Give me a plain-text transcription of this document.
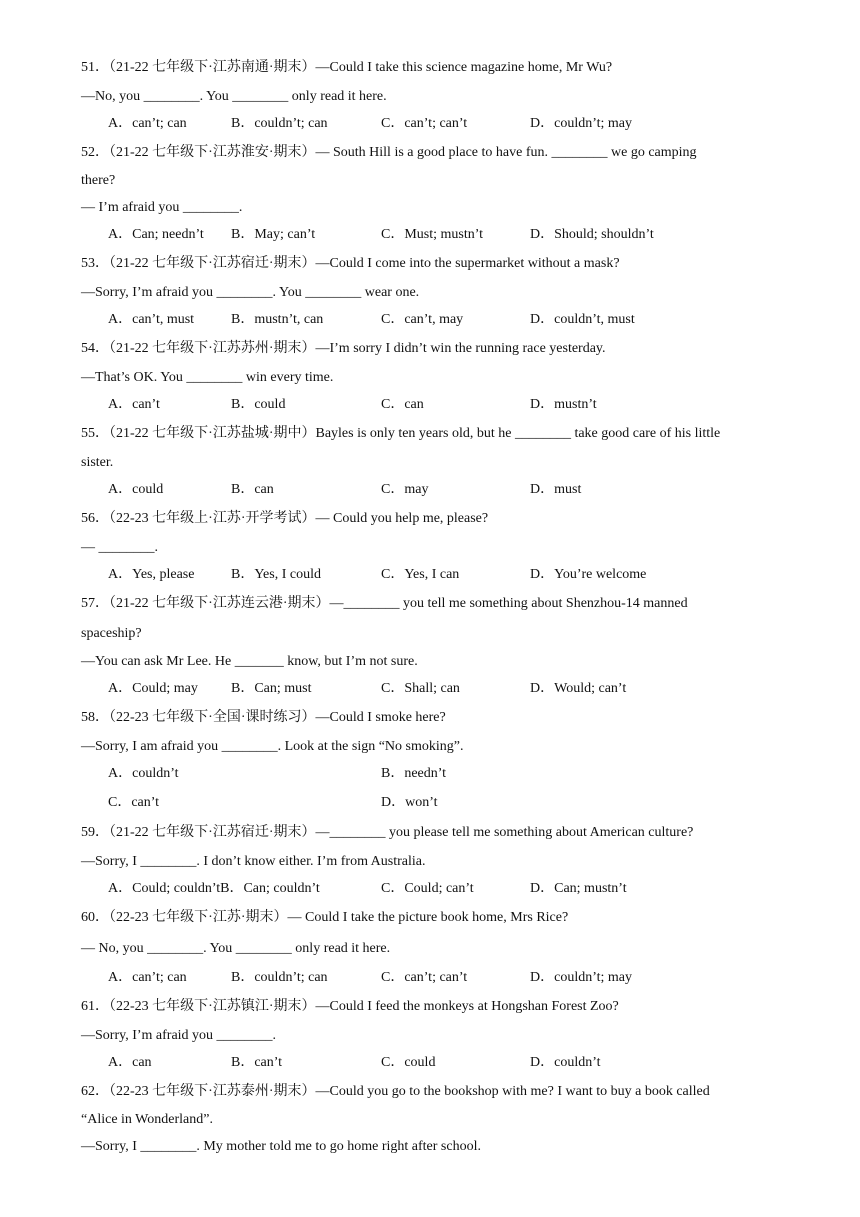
51．（21-22 七年级下·江苏南通·期末）—Could I take this science magazine home, Mr Wu?
—No, you ________. You ________ only read it here.
A．can’t; can	B．couldn’t; can	C．can’t; can’t	D．couldn’t; may
52．（21-22 七年级下·江苏淮安·期末）— South Hill is a good place to have fun. ________ we go camping
there?
— I’m afraid you ________.
A．Can; needn’t B．May; can’t	C．Must; mustn’t	D．Should; shouldn’t
53．（21-22 七年级下·江苏宿迁·期末）—Could I come into the supermarket without a mask?
—Sorry, I’m afraid you ________. You ________ wear one.
A．can’t, must	B．mustn’t, can	C．can’t, may	D．couldn’t, must
54．（21-22 七年级下·江苏苏州·期末）—I’m sorry I didn’t win the running race yesterday.
—That’s OK. You ________ win every time.
A．can’t	B．could	C．can	D．mustn’t
55．（21-22 七年级下·江苏盐城·期中）Bayles is only ten years old, but he ________ take good care of his little
sister.
A．could	B．can	C．may	D．must
56．（22-23 七年级上·江苏·开学考试）— Could you help me, please?
— ________.
A．Yes, please	B．Yes, I could	C．Yes, I can	D．You’re welcome
57．（21-22 七年级下·江苏连云港·期末）—________ you tell me something about Shenzhou-14 manned
spaceship?
—You can ask Mr Lee. He _______ know, but I’m not sure.
A．Could; may B．Can; must	C．Shall; can	D．Would; can’t
58．（22-23 七年级下·全国·课时练习）—Could I smoke here?
—Sorry, I am afraid you ________. Look at the sign “No smoking”.
A．couldn’t	B．needn’t
C．can’t	D．won’t
59．（21-22 七年级下·江苏宿迁·期末）—________ you please tell me something about American culture?
—Sorry, I ________. I don’t know either. I’m from Australia.
A．Could; couldn’tB．Can; couldn’t	C．Could; can’t	D．Can; mustn’t
60．（22-23 七年级下·江苏·期末）— Could I take the picture book home, Mrs Rice?
— No, you ________. You ________ only read it here.
A．can’t; can	B．couldn’t; can	C．can’t; can’t	D．couldn’t; may
61．（22-23 七年级下·江苏镇江·期末）—Could I feed the monkeys at Hongshan Forest Zoo?
—Sorry, I’m afraid you ________.
A．can	B．can’t	C．could	D．couldn’t
62．（22-23 七年级下·江苏泰州·期末）—Could you go to the bookshop with me? I want to buy a book called
“Alice in Wonderland”.
—Sorry, I ________. My mother told me to go home right after school.
